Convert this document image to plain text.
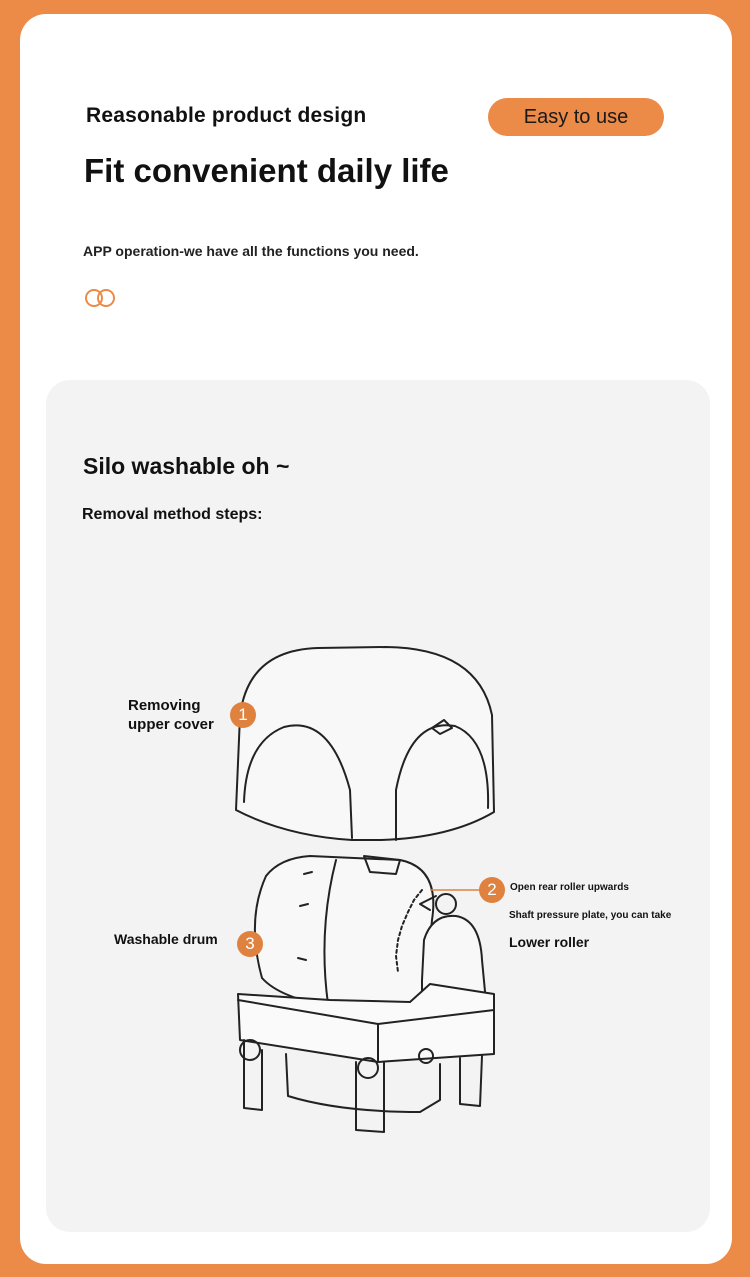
Reasonable product design	Easy to use
Fit convenient daily life

APP operation-we have all the functions you need.

Silo washable oh ~

Removal method steps:

Removing upper cover
1
2	Open rear roller upwards
Shaft pressure plate, you can take
Lower roller
Washable drum	3
